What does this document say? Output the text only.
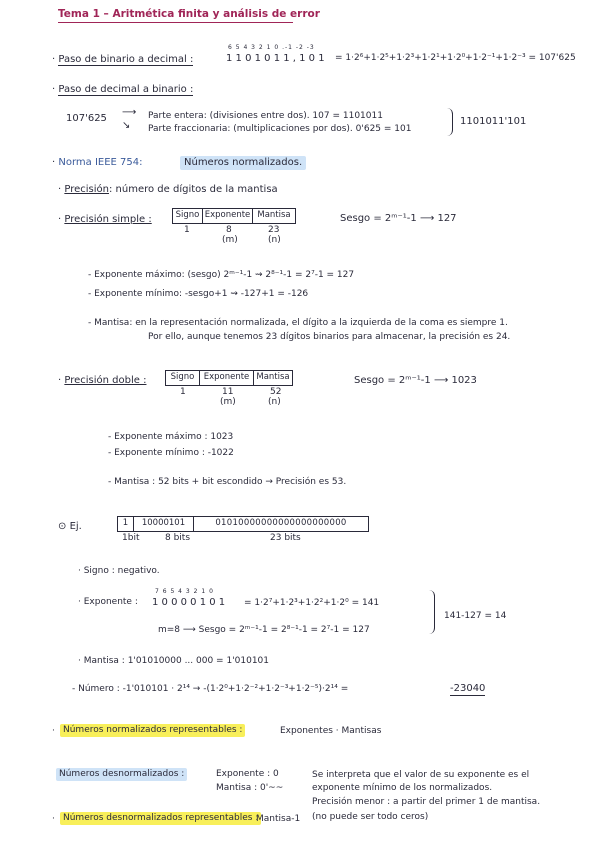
Tema 1 – Aritmética finita y análisis de error
· Paso de binario a decimal :
6 5 4 3 2 1 0 .-1 -2 -3
1 1 0 1 0 1 1 , 1 0 1 = 1·2⁶+1·2⁵+1·2³+1·2¹+1·2⁰+1·2⁻¹+1·2⁻³ = 107'625
· Paso de decimal a binario :
107'625
⟶
↘
Parte entera: (divisiones entre dos). 107 = 1101011
Parte fraccionaria: (multiplicaciones por dos). 0'625 = 101
1101011'101
· Norma IEEE 754:	Números normalizados.
· Precisión: número de dígitos de la mantisa
· Precisión simple :	Signo Exponente Mantisa
1	8	23
(m)	(n)
Sesgo = 2ᵐ⁻¹-1 ⟶ 127
- Exponente máximo: (sesgo) 2ᵐ⁻¹-1 ⇝ 2⁸⁻¹-1 = 2⁷-1 = 127
- Exponente mínimo: -sesgo+1 ⇝ -127+1 = -126
- Mantisa: en la representación normalizada, el dígito a la izquierda de la coma es siempre 1.
Por ello, aunque tenemos 23 dígitos binarios para almacenar, la precisión es 24.
· Precisión doble :	Signo	Exponente Mantisa
1	11	52
(m)	(n)
Sesgo = 2ᵐ⁻¹-1 ⟶ 1023
- Exponente máximo : 1023
- Exponente mínimo : -1022
- Mantisa : 52 bits + bit escondido → Precisión es 53.
⊙ Ej.	1	10000101	01010000000000000000000
1bit	8 bits	23 bits
· Signo : negativo.
· Exponente :
7 6 5 4 3 2 1 0
1 0 0 0 0 1 0 1 = 1·2⁷+1·2³+1·2²+1·2⁰ = 141
m=8 ⟶ Sesgo = 2ᵐ⁻¹-1 = 2⁸⁻¹-1 = 2⁷-1 = 127
141-127 = 14
· Mantisa : 1'01010000 ... 000 = 1'010101
- Número : -1'010101 · 2¹⁴ → -(1·2⁰+1·2⁻²+1·2⁻³+1·2⁻⁵)·2¹⁴ =	-23040
· Números normalizados representables :	Exponentes · Mantisas
Números desnormalizados :	Exponente : 0
Mantisa : 0'~~
Se interpreta que el valor de su exponente es el
exponente mínimo de los normalizados.
Precisión menor : a partir del primer 1 de mantisa.
· Números desnormalizados representables :
Mantisa-1 (no puede ser todo ceros)
